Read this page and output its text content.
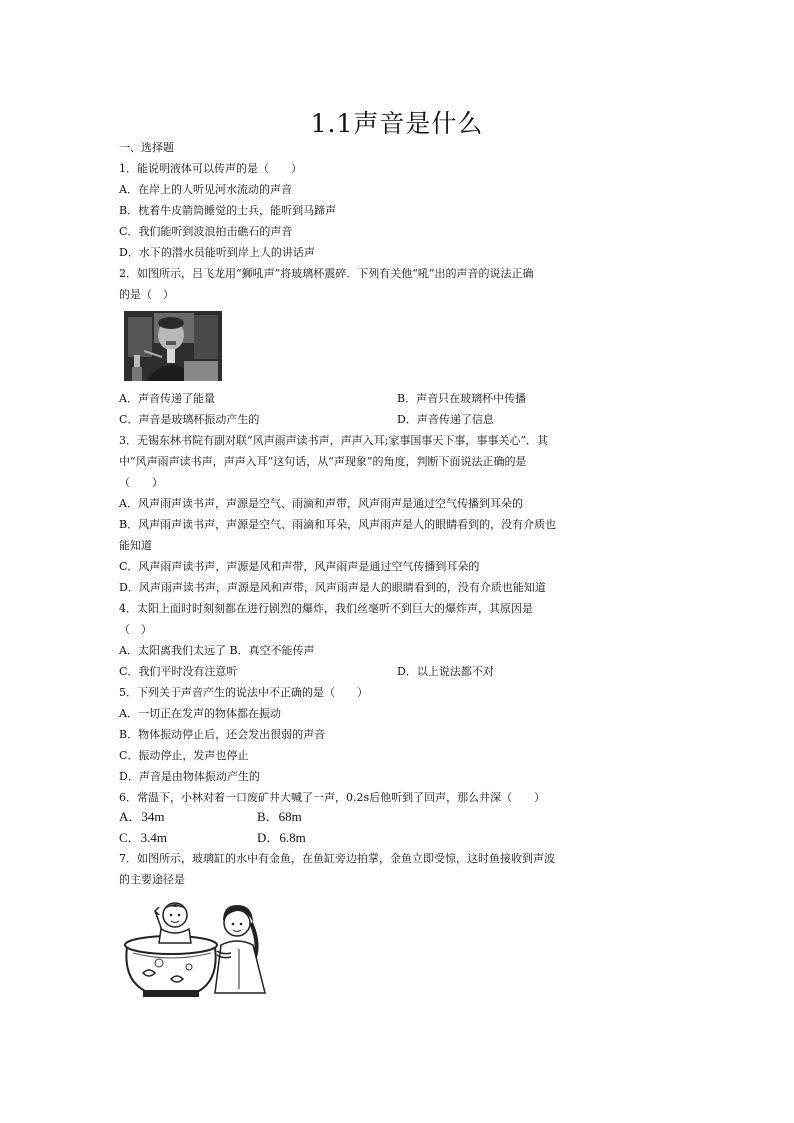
1.1声音是什么
一、选择题
1．能说明液体可以传声的是（　　）
A．在岸上的人听见河水流动的声音
B．枕着牛皮箭筒睡觉的士兵，能听到马蹄声
C．我们能听到波浪拍击礁石的声音
D．水下的潜水员能听到岸上人的讲话声
2．如图所示，吕飞龙用“狮吼声”将玻璃杯震碎．下列有关他“吼”出的声音的说法正确
的是（　）
A．声音传递了能量	B．声音只在玻璃杯中传播
C．声音是玻璃杯振动产生的	D．声音传递了信息
3．无锡东林书院有副对联“风声雨声读书声，声声入耳;家事国事天下事，事事关心”．其
中“风声雨声读书声，声声入耳”这句话，从“声现象”的角度，判断下面说法正确的是
（　　）
A．风声雨声读书声，声源是空气、雨滴和声带，风声雨声是通过空气传播到耳朵的
B．风声雨声读书声，声源是空气、雨滴和耳朵，风声雨声是人的眼睛看到的，没有介质也
能知道
C．风声雨声读书声，声源是风和声带，风声雨声是通过空气传播到耳朵的
D．风声雨声读书声，声源是风和声带，风声雨声是人的眼睛看到的，没有介质也能知道
4．太阳上面时时刻刻都在进行剧烈的爆炸，我们丝毫听不到巨大的爆炸声，其原因是
（　）
A．太阳离我们太远了 B．真空不能传声
C．我们平时没有注意听	D．以上说法都不对
5．下列关于声音产生的说法中不正确的是（　　）
A．一切正在发声的物体都在振动
B．物体振动停止后，还会发出很弱的声音
C．振动停止，发声也停止
D．声音是由物体振动产生的
6．常温下，小林对着一口废矿井大喊了一声，0.2s后他听到了回声，那么井深（　　）
A．34m	B．68m
C．3.4m	D．6.8m
7．如图所示，玻璃缸的水中有金鱼，在鱼缸旁边拍掌，金鱼立即受惊，这时鱼接收到声波
的主要途径是
